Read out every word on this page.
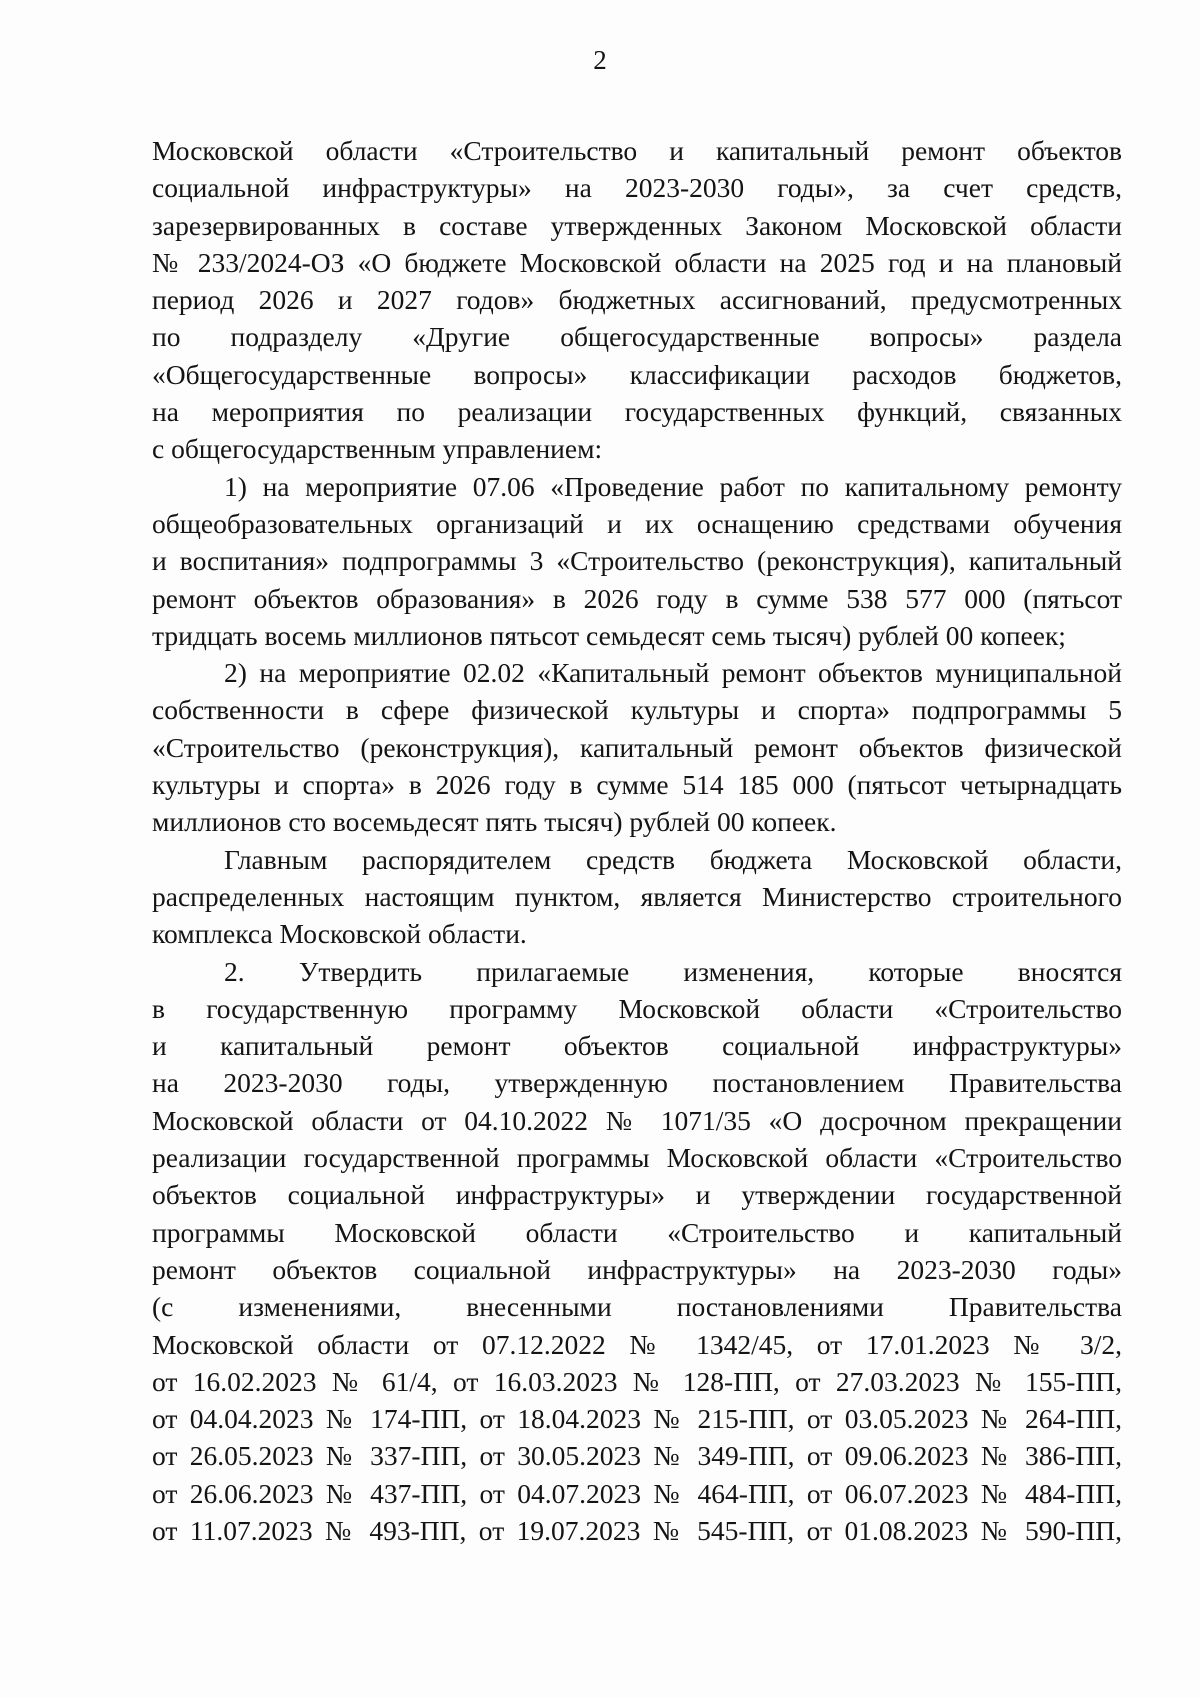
2
Московской области «Строительство и капитальный ремонт объектов
социальной инфраструктуры» на 2023-2030 годы», за счет средств,
зарезервированных в составе утвержденных Законом Московской области
№ 233/2024-ОЗ «О бюджете Московской области на 2025 год и на плановый
период 2026 и 2027 годов» бюджетных ассигнований, предусмотренных
по подразделу «Другие общегосударственные вопросы» раздела
«Общегосударственные вопросы» классификации расходов бюджетов,
на мероприятия по реализации государственных функций, связанных
с общегосударственным управлением:
1) на мероприятие 07.06 «Проведение работ по капитальному ремонту
общеобразовательных организаций и их оснащению средствами обучения
и воспитания» подпрограммы 3 «Строительство (реконструкция), капитальный
ремонт объектов образования» в 2026 году в сумме 538 577 000 (пятьсот
тридцать восемь миллионов пятьсот семьдесят семь тысяч) рублей 00 копеек;
2) на мероприятие 02.02 «Капитальный ремонт объектов муниципальной
собственности в сфере физической культуры и спорта» подпрограммы 5
«Строительство (реконструкция), капитальный ремонт объектов физической
культуры и спорта» в 2026 году в сумме 514 185 000 (пятьсот четырнадцать
миллионов сто восемьдесят пять тысяч) рублей 00 копеек.
Главным распорядителем средств бюджета Московской области,
распределенных настоящим пунктом, является Министерство строительного
комплекса Московской области.
2. Утвердить прилагаемые изменения, которые вносятся
в государственную программу Московской области «Строительство
и капитальный ремонт объектов социальной инфраструктуры»
на 2023-2030 годы, утвержденную постановлением Правительства
Московской области от 04.10.2022 № 1071/35 «О досрочном прекращении
реализации государственной программы Московской области «Строительство
объектов социальной инфраструктуры» и утверждении государственной
программы Московской области «Строительство и капитальный
ремонт объектов социальной инфраструктуры» на 2023-2030 годы»
(с изменениями, внесенными постановлениями Правительства
Московской области от 07.12.2022 № 1342/45, от 17.01.2023 № 3/2,
от 16.02.2023 № 61/4, от 16.03.2023 № 128-ПП, от 27.03.2023 № 155-ПП,
от 04.04.2023 № 174-ПП, от 18.04.2023 № 215-ПП, от 03.05.2023 № 264-ПП,
от 26.05.2023 № 337-ПП, от 30.05.2023 № 349-ПП, от 09.06.2023 № 386-ПП,
от 26.06.2023 № 437-ПП, от 04.07.2023 № 464-ПП, от 06.07.2023 № 484-ПП,
от 11.07.2023 № 493-ПП, от 19.07.2023 № 545-ПП, от 01.08.2023 № 590-ПП,
